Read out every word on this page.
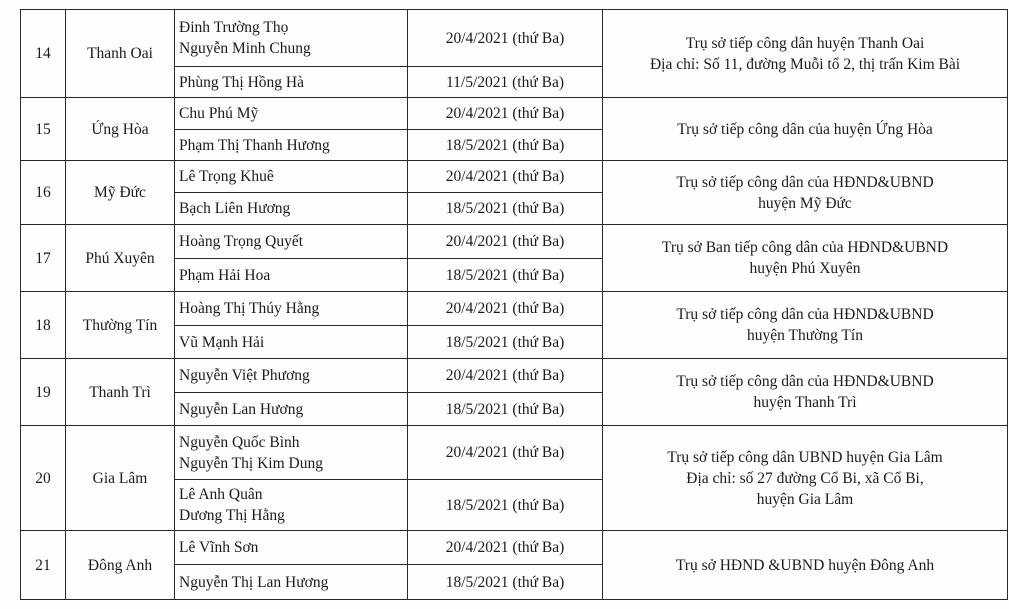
14	Thanh Oai	Đinh Trường Thọ
Nguyễn Minh Chung	20/4/2021 (thứ Ba)	Trụ sở tiếp công dân huyện Thanh Oai
Địa chỉ: Số 11, đường Muỗi tổ 2, thị trấn Kim Bài

		Phùng Thị Hồng Hà	11/5/2021 (thứ Ba)	
15	Ứng Hòa	Chu Phú Mỹ	20/4/2021 (thứ Ba)	Trụ sở tiếp công dân của huyện Ứng Hòa

		Phạm Thị Thanh Hương	18/5/2021 (thứ Ba)	
16	Mỹ Đức	Lê Trọng Khuê	20/4/2021 (thứ Ba)	Trụ sở tiếp công dân của HĐND&UBND
huyện Mỹ Đức

		Bạch Liên Hương	18/5/2021 (thứ Ba)	
17	Phú Xuyên	Hoàng Trọng Quyết	20/4/2021 (thứ Ba)	Trụ sở Ban tiếp công dân của HĐND&UBND
huyện Phú Xuyên

		Phạm Hải Hoa	18/5/2021 (thứ Ba)	
18	Thường Tín	Hoàng Thị Thúy Hằng	20/4/2021 (thứ Ba)	Trụ sở tiếp công dân của HĐND&UBND
huyện Thường Tín

		Vũ Mạnh Hải	18/5/2021 (thứ Ba)	
19	Thanh Trì	Nguyễn Việt Phương	20/4/2021 (thứ Ba)	Trụ sở tiếp công dân của HĐND&UBND
huyện Thanh Trì

		Nguyễn Lan Hương	18/5/2021 (thứ Ba)	
20	Gia Lâm	Nguyễn Quốc Bình
Nguyễn Thị Kim Dung	20/4/2021 (thứ Ba)	Trụ sở tiếp công dân UBND huyện Gia Lâm
Địa chỉ: số 27 đường Cổ Bi, xã Cổ Bi,
huyện Gia Lâm

		Lê Anh Quân
Dương Thị Hằng	18/5/2021 (thứ Ba)	
21	Đông Anh	Lê Vĩnh Sơn	20/4/2021 (thứ Ba)	Trụ sở HĐND &UBND huyện Đông Anh

		Nguyễn Thị Lan Hương	18/5/2021 (thứ Ba)	
